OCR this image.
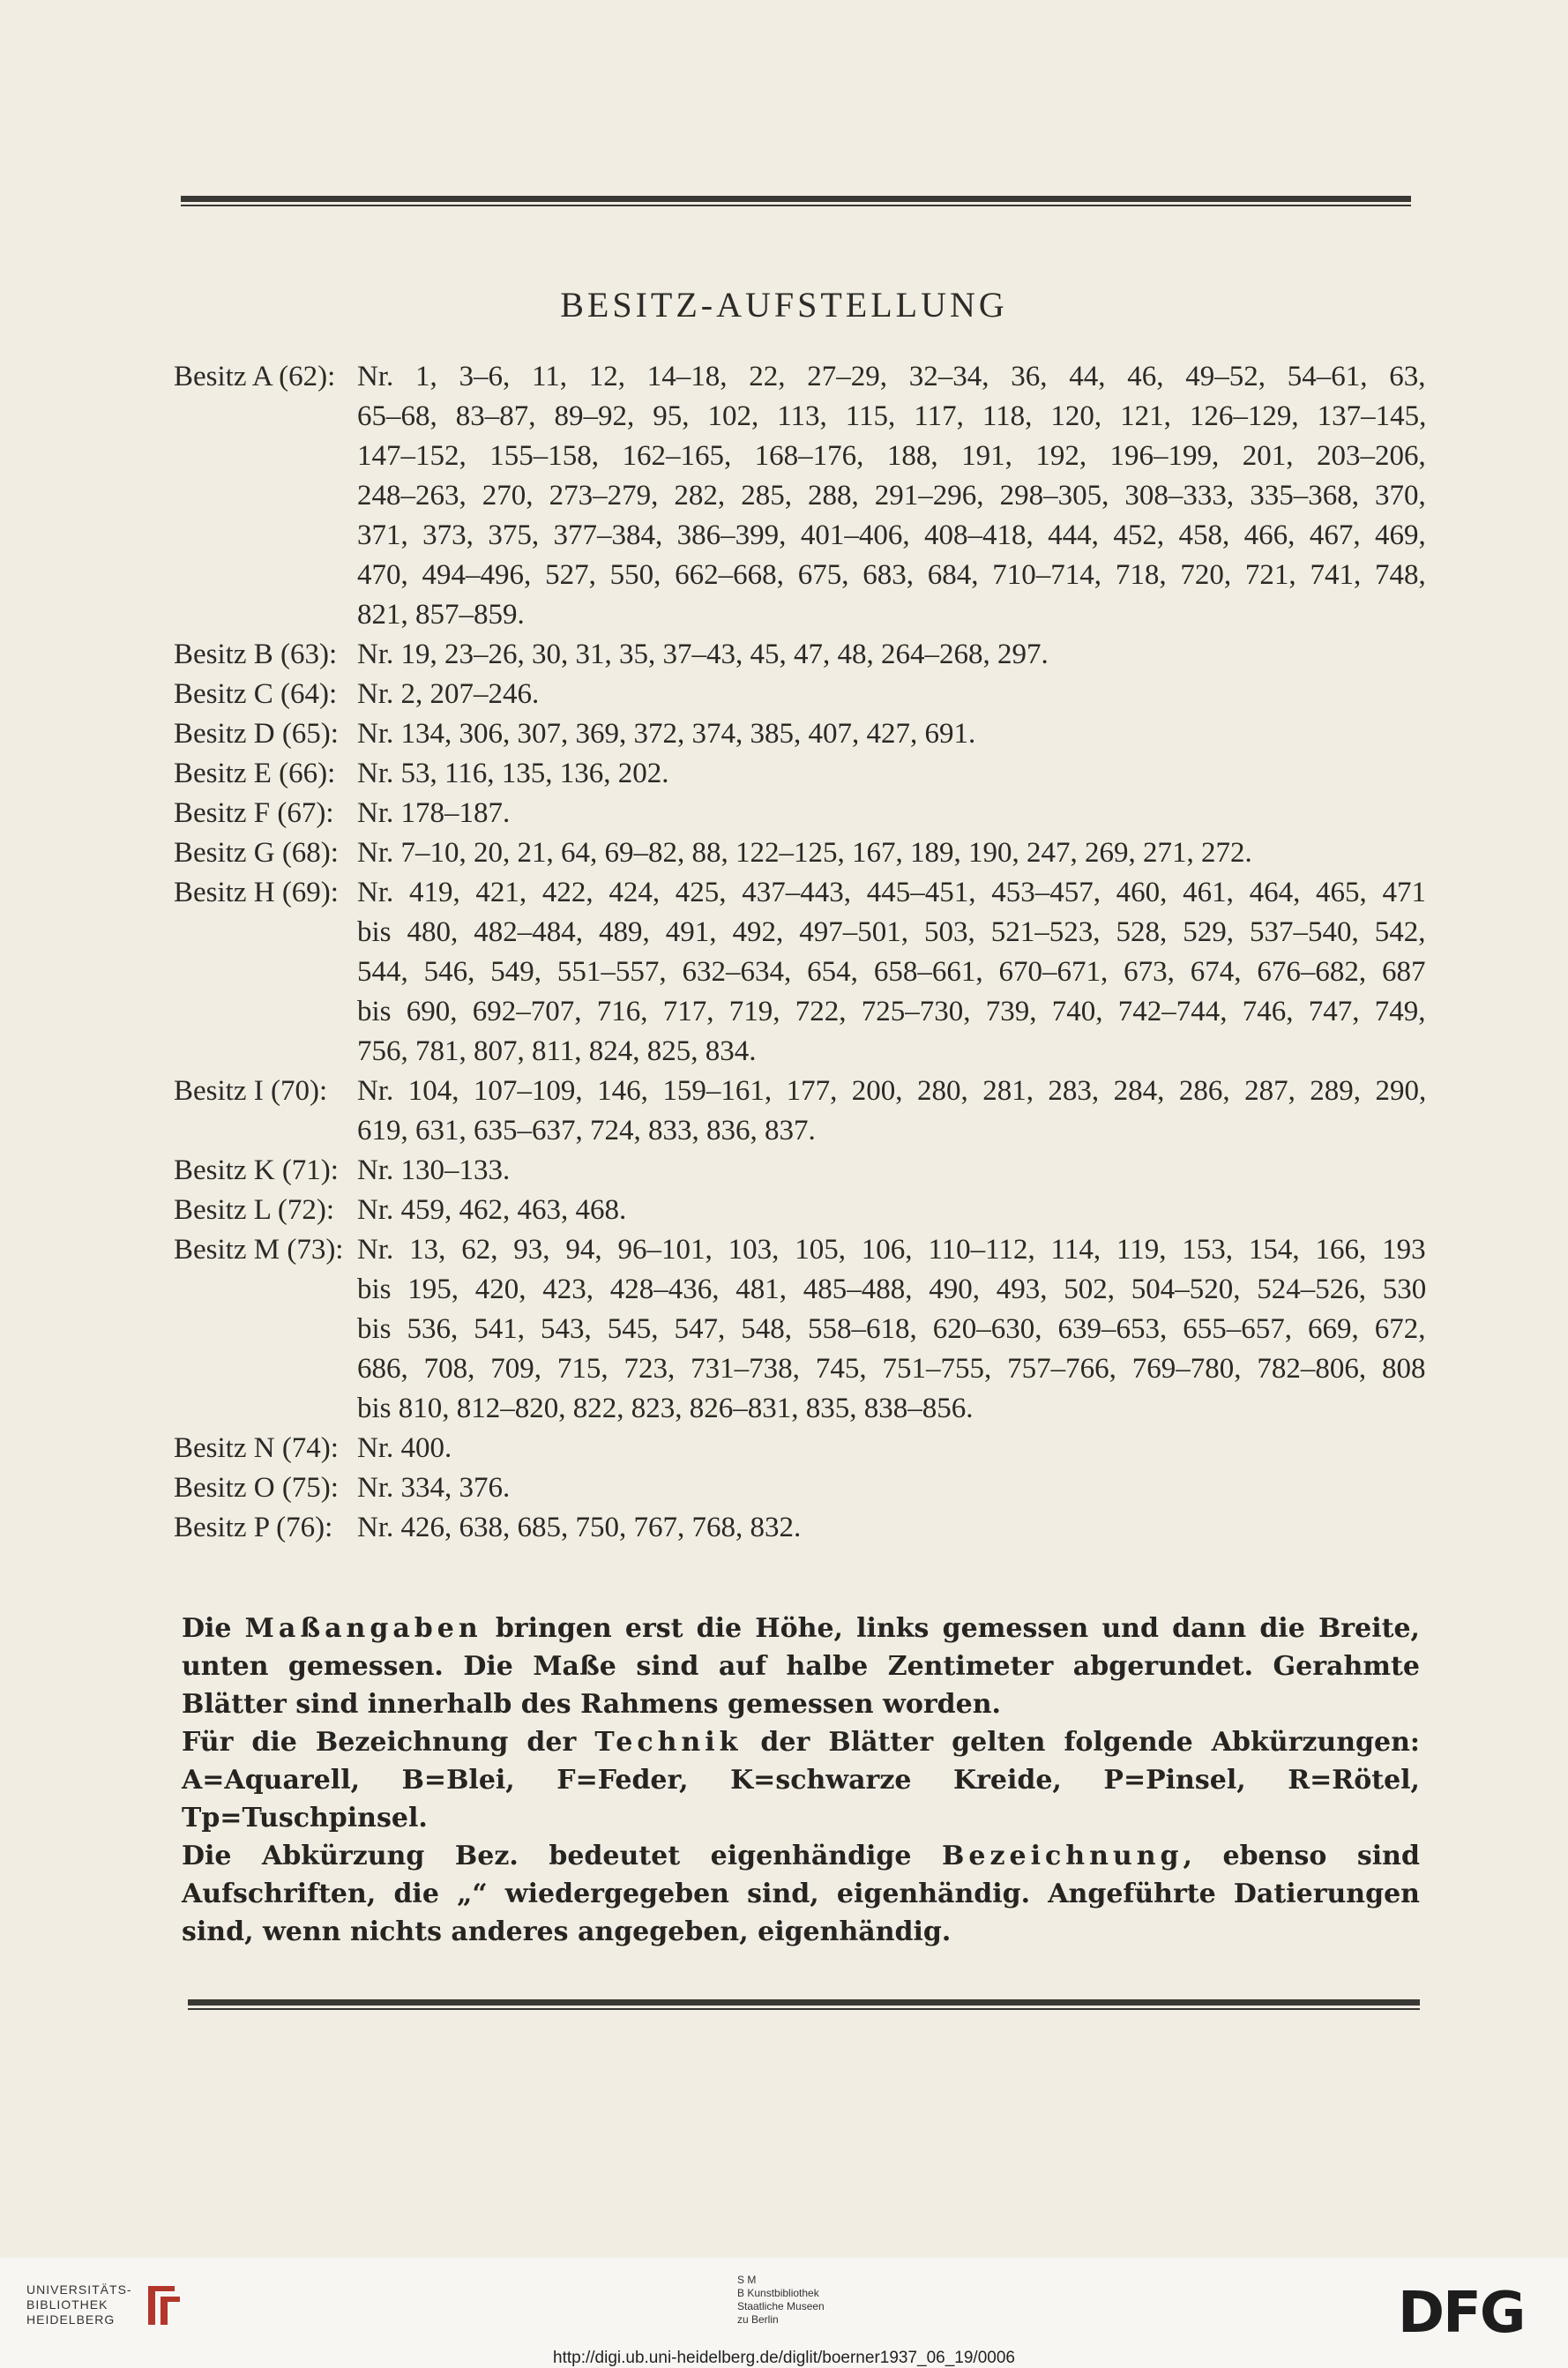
BESITZ-AUFSTELLUNG
Besitz A (62): Nr. 1, 3–6, 11, 12, 14–18, 22, 27–29, 32–34, 36, 44, 46, 49–52, 54–61, 63,
65–68, 83–87, 89–92, 95, 102, 113, 115, 117, 118, 120, 121, 126–129, 137–145,
147–152, 155–158, 162–165, 168–176, 188, 191, 192, 196–199, 201, 203–206,
248–263, 270, 273–279, 282, 285, 288, 291–296, 298–305, 308–333, 335–368, 370,
371, 373, 375, 377–384, 386–399, 401–406, 408–418, 444, 452, 458, 466, 467, 469,
470, 494–496, 527, 550, 662–668, 675, 683, 684, 710–714, 718, 720, 721, 741, 748,
821, 857–859.
Besitz B (63): Nr. 19, 23–26, 30, 31, 35, 37–43, 45, 47, 48, 264–268, 297.
Besitz C (64): Nr. 2, 207–246.
Besitz D (65): Nr. 134, 306, 307, 369, 372, 374, 385, 407, 427, 691.
Besitz E (66): Nr. 53, 116, 135, 136, 202.
Besitz F (67): Nr. 178–187.
Besitz G (68): Nr. 7–10, 20, 21, 64, 69–82, 88, 122–125, 167, 189, 190, 247, 269, 271, 272.
Besitz H (69): Nr. 419, 421, 422, 424, 425, 437–443, 445–451, 453–457, 460, 461, 464, 465, 471
bis 480, 482–484, 489, 491, 492, 497–501, 503, 521–523, 528, 529, 537–540, 542,
544, 546, 549, 551–557, 632–634, 654, 658–661, 670–671, 673, 674, 676–682, 687
bis 690, 692–707, 716, 717, 719, 722, 725–730, 739, 740, 742–744, 746, 747, 749,
756, 781, 807, 811, 824, 825, 834.
Besitz I (70):	Nr. 104, 107–109, 146, 159–161, 177, 200, 280, 281, 283, 284, 286, 287, 289, 290,
619, 631, 635–637, 724, 833, 836, 837.
Besitz K (71): Nr. 130–133.
Besitz L (72): Nr. 459, 462, 463, 468.
Besitz M (73): Nr. 13, 62, 93, 94, 96–101, 103, 105, 106, 110–112, 114, 119, 153, 154, 166, 193
bis 195, 420, 423, 428–436, 481, 485–488, 490, 493, 502, 504–520, 524–526, 530
bis 536, 541, 543, 545, 547, 548, 558–618, 620–630, 639–653, 655–657, 669, 672,
686, 708, 709, 715, 723, 731–738, 745, 751–755, 757–766, 769–780, 782–806, 808
bis 810, 812–820, 822, 823, 826–831, 835, 838–856.
Besitz N (74): Nr. 400.
Besitz O (75): Nr. 334, 376.
Besitz P (76): Nr. 426, 638, 685, 750, 767, 768, 832.

Die Maßangaben bringen erst die Höhe, links gemessen und dann die Breite, unten gemessen. Die Maße sind auf halbe Zentimeter abgerundet. Gerahmte Blätter sind innerhalb des Rahmens gemessen worden.

Für die Bezeichnung der Technik der Blätter gelten folgende Abkürzungen: A=Aquarell, B=Blei, F=Feder, K=schwarze Kreide, P=Pinsel, R=Rötel, Tp=Tuschpinsel.

Die Abkürzung Bez. bedeutet eigenhändige Bezeichnung, ebenso sind Aufschriften, die „“ wiedergegeben sind, eigenhändig. Angeführte Datierungen sind, wenn nichts anderes angegeben, eigenhändig.

UNIVERSITÄTS-
BIBLIOTHEK
HEIDELBERG
S M
B Kunstbibliothek
Staatliche Museen
zu Berlin	DFG
http://digi.ub.uni-heidelberg.de/diglit/boerner1937_06_19/0006
